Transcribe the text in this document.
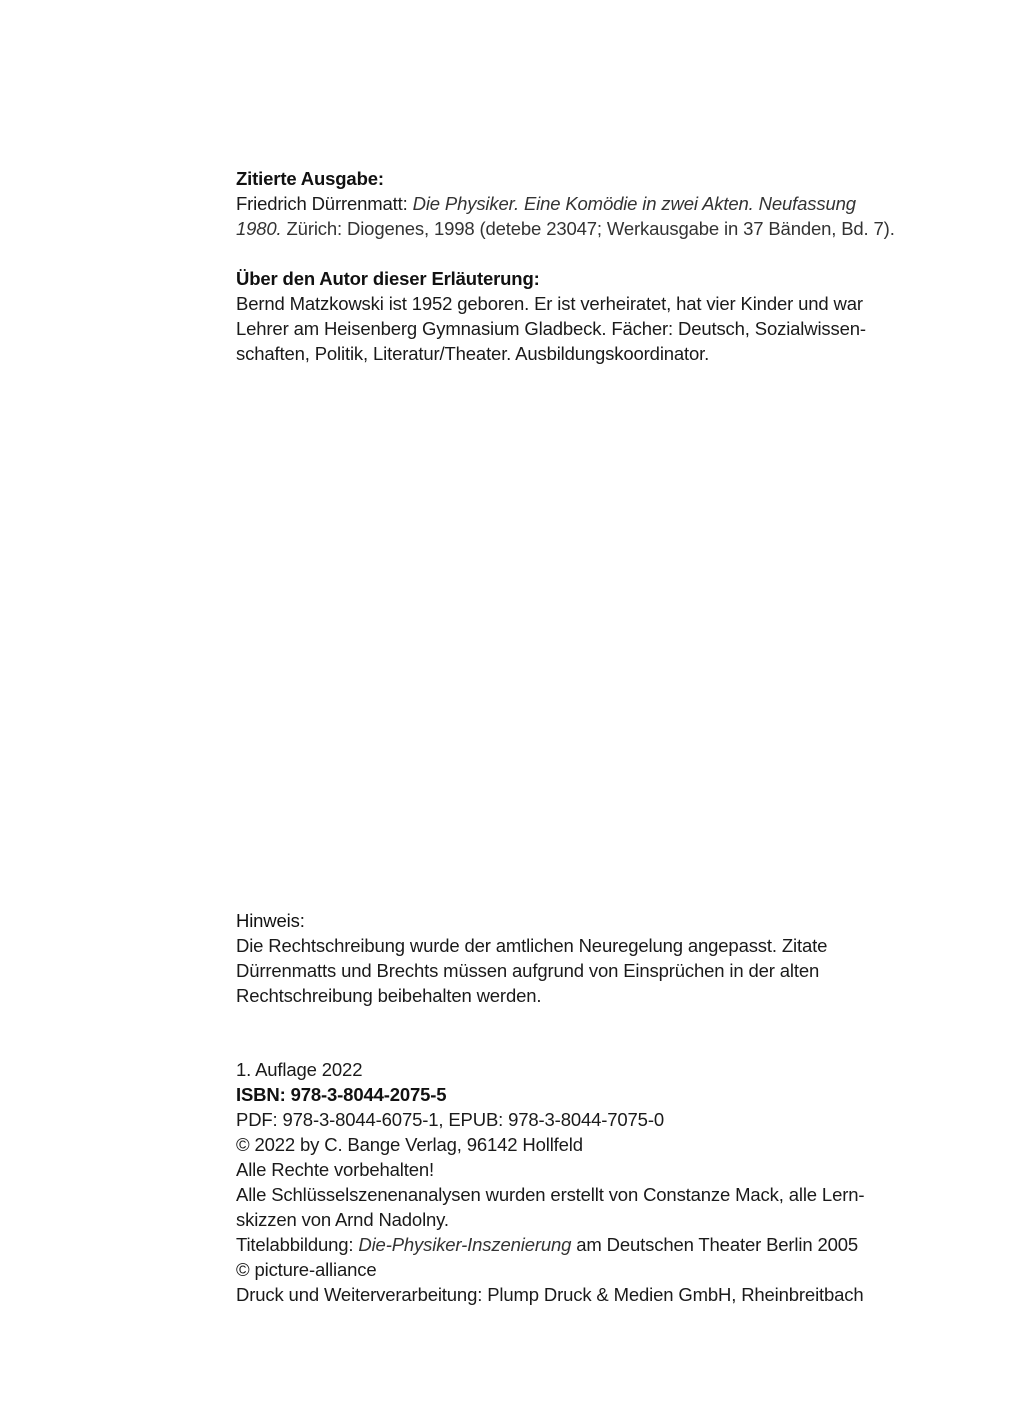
Zitierte Ausgabe:
Friedrich Dürrenmatt: Die Physiker. Eine Komödie in zwei Akten. Neufassung
1980. Zürich: Diogenes, 1998 (detebe 23047; Werkausgabe in 37 Bänden, Bd. 7).
Über den Autor dieser Erläuterung:
Bernd Matzkowski ist 1952 geboren. Er ist verheiratet, hat vier Kinder und war
Lehrer am Heisenberg Gymnasium Gladbeck. Fächer: Deutsch, Sozialwissen-
schaften, Politik, Literatur/Theater. Ausbildungskoordinator.
Hinweis:
Die Rechtschreibung wurde der amtlichen Neuregelung angepasst. Zitate
Dürrenmatts und Brechts müssen aufgrund von Einsprüchen in der alten
Rechtschreibung beibehalten werden.
1. Auflage 2022
ISBN: 978-3-8044-2075-5
PDF: 978-3-8044-6075-1, EPUB: 978-3-8044-7075-0
© 2022 by C. Bange Verlag, 96142 Hollfeld
Alle Rechte vorbehalten!
Alle Schlüsselszenenanalysen wurden erstellt von Constanze Mack, alle Lern-
skizzen von Arnd Nadolny.
Titelabbildung: Die-Physiker-Inszenierung am Deutschen Theater Berlin 2005
© picture-alliance
Druck und Weiterverarbeitung: Plump Druck & Medien GmbH, Rheinbreitbach
